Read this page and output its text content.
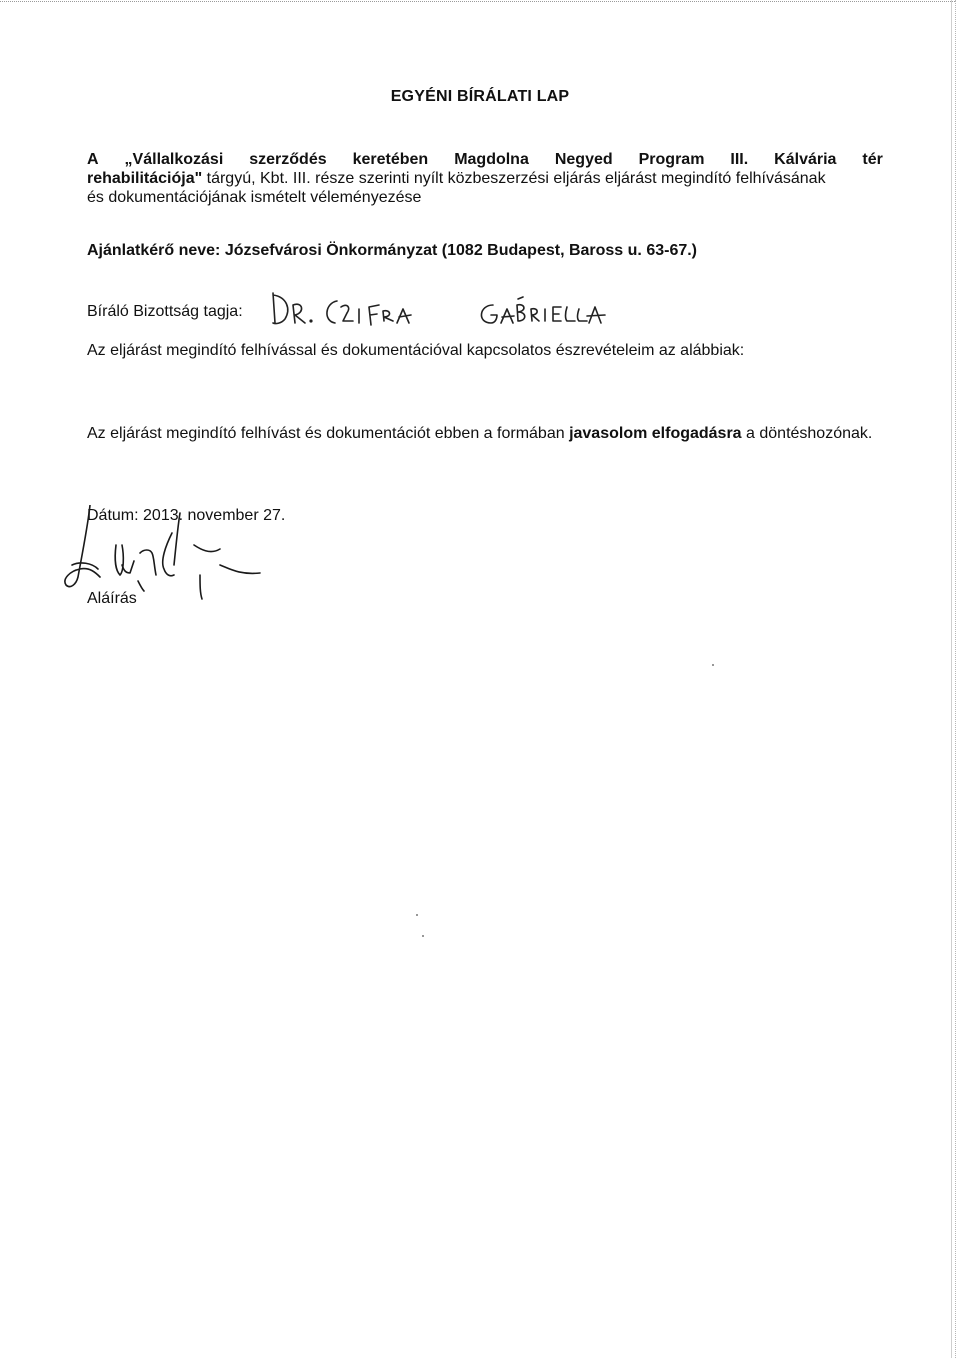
EGYÉNI BÍRÁLATI LAP
A „Vállalkozási szerződés keretében Magdolna Negyed Program III. Kálvária tér
rehabilitációja" tárgyú, Kbt. III. része szerinti nyílt közbeszerzési eljárás eljárást megindító felhívásának
és dokumentációjának ismételt véleményezése
Ajánlatkérő neve: Józsefvárosi Önkormányzat (1082 Budapest, Baross u. 63-67.)
Bíráló Bizottság tagja:
Az eljárást megindító felhívással és dokumentációval kapcsolatos észrevételeim az alábbiak:
Az eljárást megindító felhívást és dokumentációt ebben a formában javasolom elfogadásra a döntéshozónak.
Dátum: 2013. november 27.
Aláírás
